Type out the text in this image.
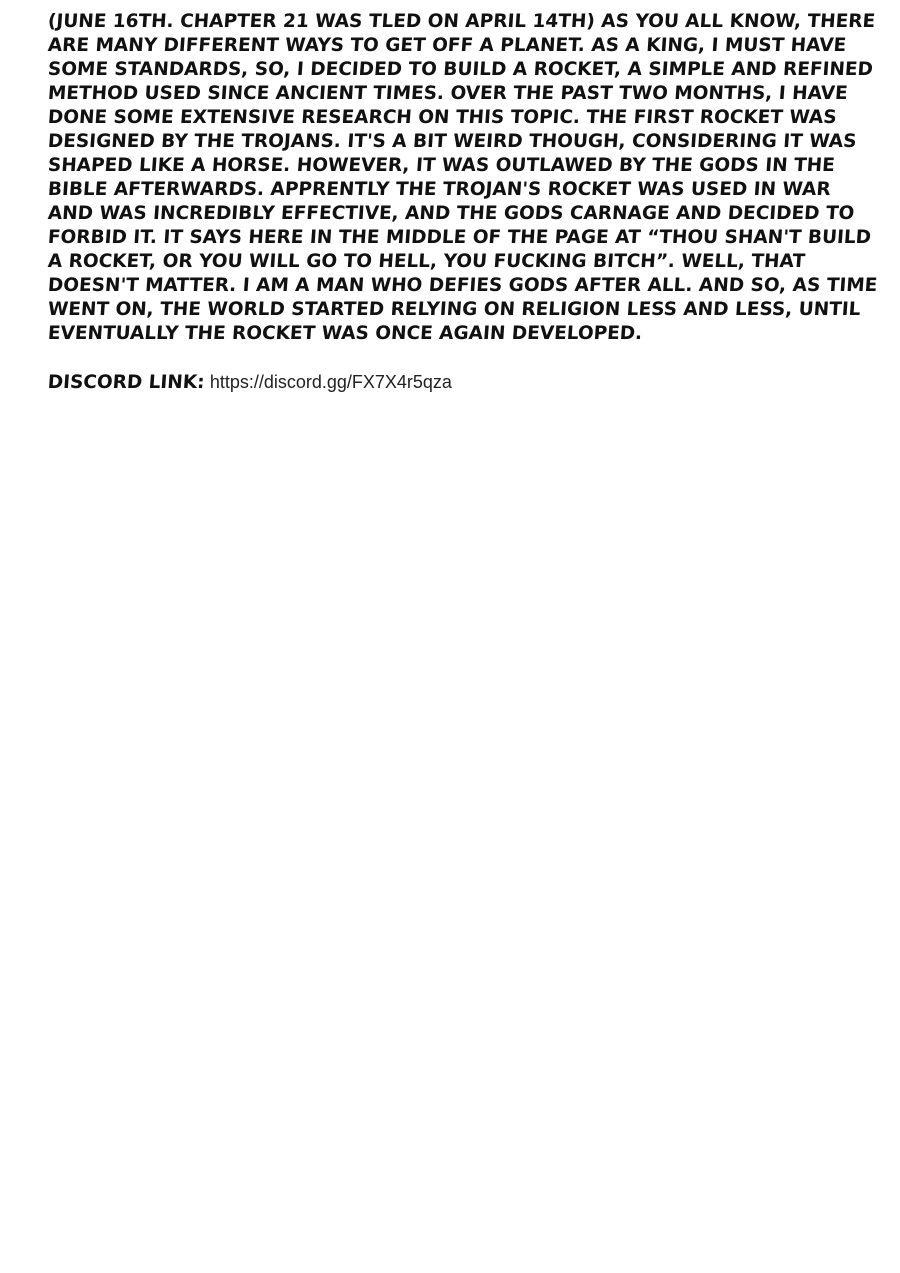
(JUNE 16TH. CHAPTER 21 WAS TLED ON APRIL 14TH) AS YOU ALL KNOW, THERE
ARE MANY DIFFERENT WAYS TO GET OFF A PLANET. AS A KING, I MUST HAVE
SOME STANDARDS, SO, I DECIDED TO BUILD A ROCKET, A SIMPLE AND REFINED
METHOD USED SINCE ANCIENT TIMES. OVER THE PAST TWO MONTHS, I HAVE
DONE SOME EXTENSIVE RESEARCH ON THIS TOPIC. THE FIRST ROCKET WAS
DESIGNED BY THE TROJANS. IT'S A BIT WEIRD THOUGH, CONSIDERING IT WAS
SHAPED LIKE A HORSE. HOWEVER, IT WAS OUTLAWED BY THE GODS IN THE
BIBLE AFTERWARDS. APPRENTLY THE TROJAN'S ROCKET WAS USED IN WAR
AND WAS INCREDIBLY EFFECTIVE, AND THE GODS CARNAGE AND DECIDED TO
FORBID IT. IT SAYS HERE IN THE MIDDLE OF THE PAGE AT “THOU SHAN'T BUILD
A ROCKET, OR YOU WILL GO TO HELL, YOU FUCKING BITCH”. WELL, THAT
DOESN'T MATTER. I AM A MAN WHO DEFIES GODS AFTER ALL. AND SO, AS TIME
WENT ON, THE WORLD STARTED RELYING ON RELIGION LESS AND LESS, UNTIL
EVENTUALLY THE ROCKET WAS ONCE AGAIN DEVELOPED.
DISCORD LINK: https://discord.gg/FX7X4r5qza
